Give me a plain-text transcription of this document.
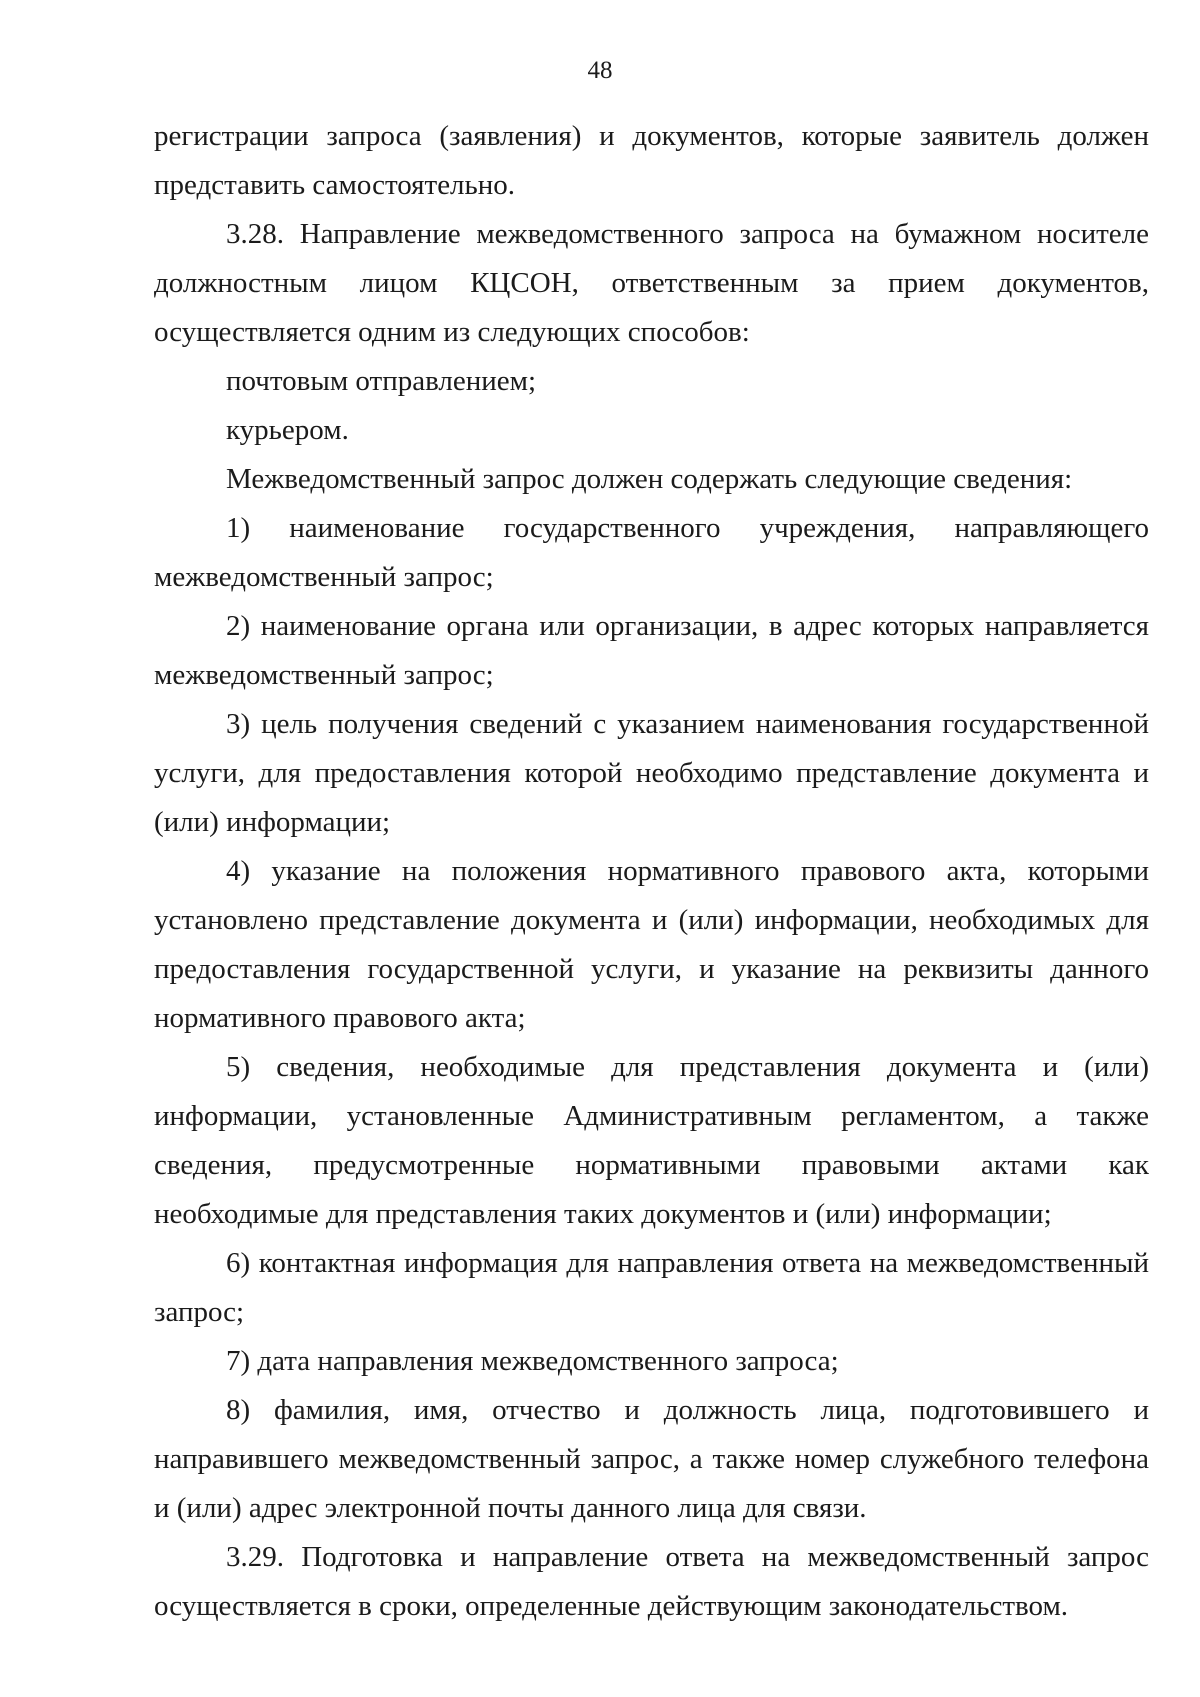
48

регистрации запроса (заявления) и документов, которые заявитель должен представить самостоятельно.

3.28. Направление межведомственного запроса на бумажном носителе должностным лицом КЦСОН, ответственным за прием документов, осуществляется одним из следующих способов:

почтовым отправлением;

курьером.

Межведомственный запрос должен содержать следующие сведения:

1) наименование государственного учреждения, направляющего межведомственный запрос;

2) наименование органа или организации, в адрес которых направляется межведомственный запрос;

3) цель получения сведений с указанием наименования государственной услуги, для предоставления которой необходимо представление документа и (или) информации;

4) указание на положения нормативного правового акта, которыми установлено представление документа и (или) информации, необходимых для предоставления государственной услуги, и указание на реквизиты данного нормативного правового акта;

5) сведения, необходимые для представления документа и (или) информации, установленные Административным регламентом, а также сведения, предусмотренные нормативными правовыми актами как необходимые для представления таких документов и (или) информации;

6) контактная информация для направления ответа на межведомственный запрос;

7) дата направления межведомственного запроса;

8) фамилия, имя, отчество и должность лица, подготовившего и направившего межведомственный запрос, а также номер служебного телефона и (или) адрес электронной почты данного лица для связи.

3.29. Подготовка и направление ответа на межведомственный запрос осуществляется в сроки, определенные действующим законодательством.
